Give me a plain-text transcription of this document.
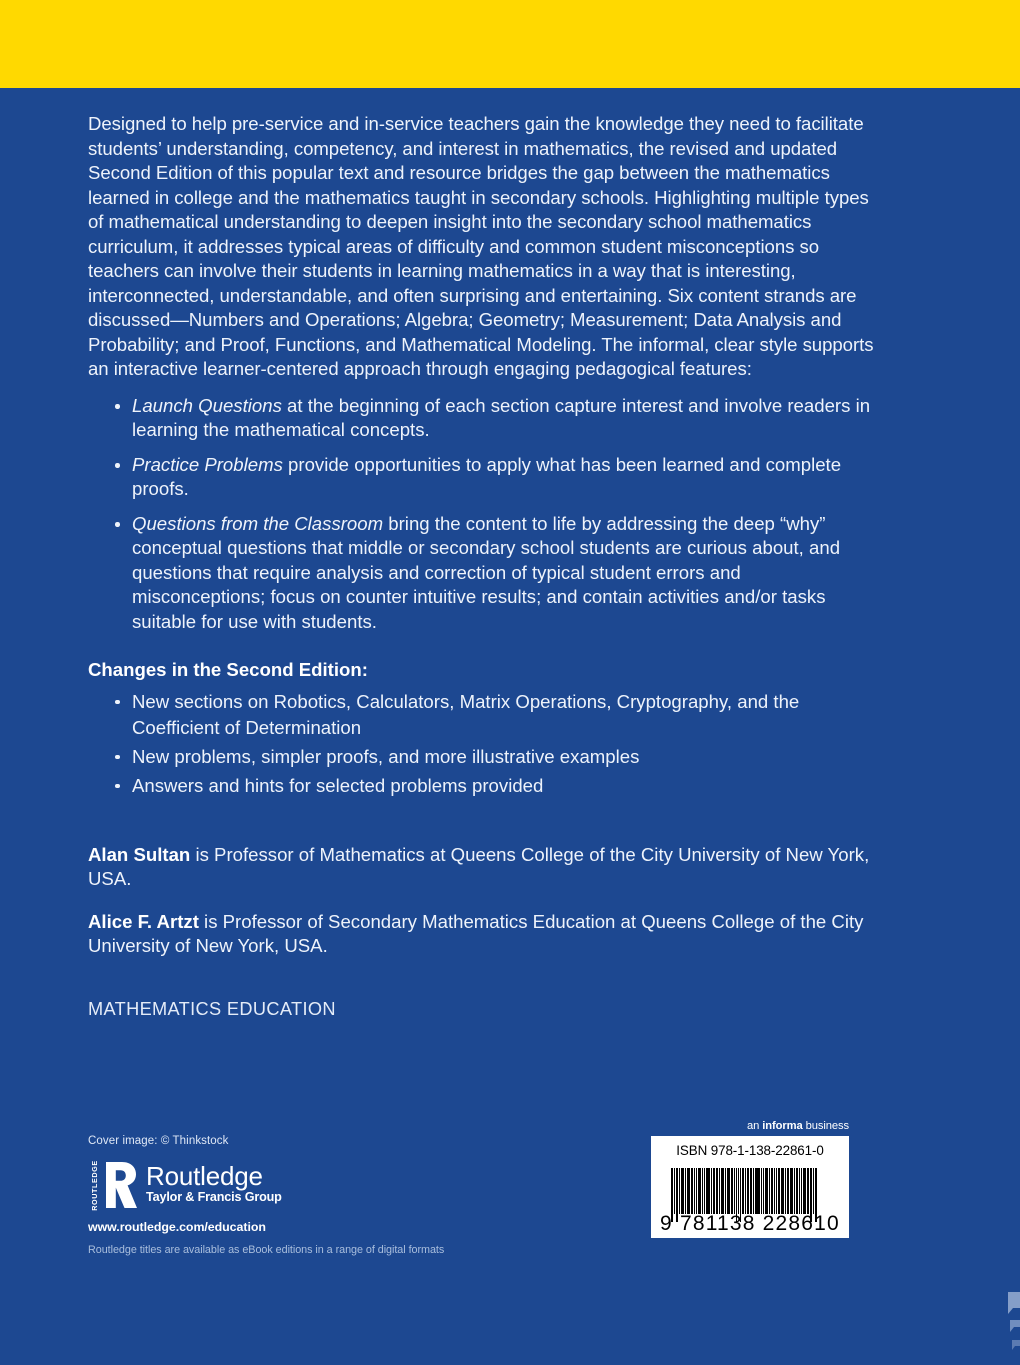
Designed to help pre-service and in-service teachers gain the knowledge they need to facilitate students’ understanding, competency, and interest in mathematics, the revised and updated Second Edition of this popular text and resource bridges the gap between the mathematics learned in college and the mathematics taught in secondary schools. Highlighting multiple types of mathematical understanding to deepen insight into the secondary school mathematics curriculum, it addresses typical areas of difficulty and common student misconceptions so teachers can involve their students in learning mathematics in a way that is interesting, interconnected, understandable, and often surprising and entertaining. Six content strands are discussed—Numbers and Operations; Algebra; Geometry; Measurement; Data Analysis and Probability; and Proof, Functions, and Mathematical Modeling. The informal, clear style supports an interactive learner-centered approach through engaging pedagogical features:

Launch Questions at the beginning of each section capture interest and involve readers in learning the mathematical concepts.
Practice Problems provide opportunities to apply what has been learned and complete proofs.
Questions from the Classroom bring the content to life by addressing the deep “why” conceptual questions that middle or secondary school students are curious about, and questions that require analysis and correction of typical student errors and misconceptions; focus on counter intuitive results; and contain activities and/or tasks suitable for use with students.
Changes in the Second Edition:
New sections on Robotics, Calculators, Matrix Operations, Cryptography, and the Coefficient of Determination
New problems, simpler proofs, and more illustrative examples
Answers and hints for selected problems provided

Alan Sultan is Professor of Mathematics at Queens College of the City University of New York, USA.

Alice F. Artzt is Professor of Secondary Mathematics Education at Queens College of the City University of New York, USA.

MATHEMATICS EDUCATION

Cover image: © Thinkstock

ROUTLEDGE Routledge
Taylor & Francis Group
www.routledge.com/education
Routledge titles are available as eBook editions in a range of digital formats
an informa business
ISBN 978-1-138-22861-0
9 781138 228610
